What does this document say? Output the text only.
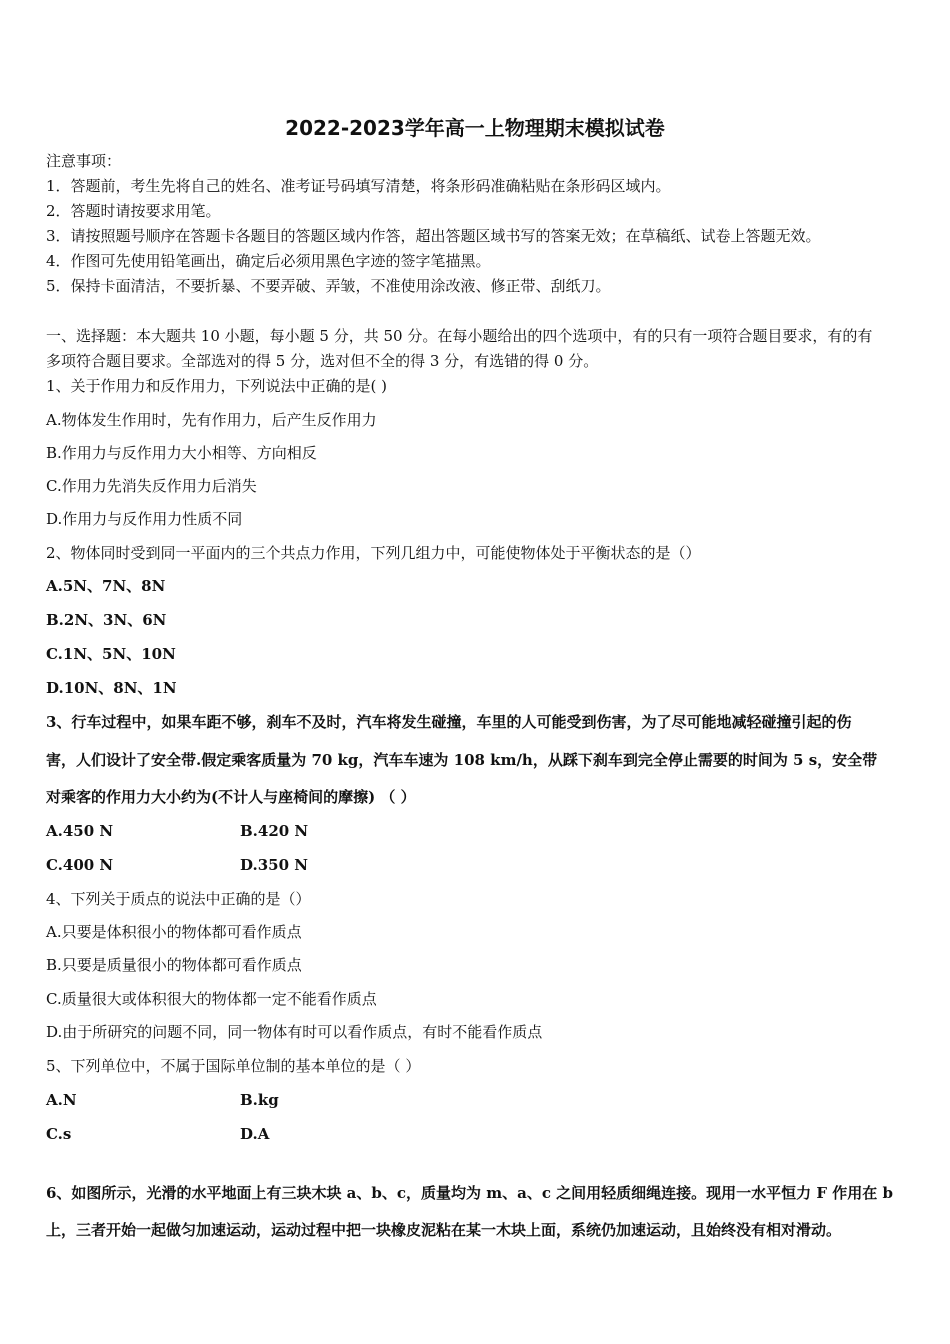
2022-2023学年高一上物理期末模拟试卷
注意事项：
1．答题前，考生先将自己的姓名、准考证号码填写清楚，将条形码准确粘贴在条形码区域内。
2．答题时请按要求用笔。
3．请按照题号顺序在答题卡各题目的答题区域内作答，超出答题区域书写的答案无效；在草稿纸、试卷上答题无效。
4．作图可先使用铅笔画出，确定后必须用黑色字迹的签字笔描黑。
5．保持卡面清洁，不要折暴、不要弄破、弄皱，不准使用涂改液、修正带、刮纸刀。
一、选择题：本大题共 10 小题，每小题 5 分，共 50 分。在每小题给出的四个选项中，有的只有一项符合题目要求，有的有
多项符合题目要求。全部选对的得 5 分，选对但不全的得 3 分，有选错的得 0 分。
1、关于作用力和反作用力，下列说法中正确的是( )
A.物体发生作用时，先有作用力，后产生反作用力
B.作用力与反作用力大小相等、方向相反
C.作用力先消失反作用力后消失
D.作用力与反作用力性质不同
2、物体同时受到同一平面内的三个共点力作用，下列几组力中，可能使物体处于平衡状态的是（）
A.5N、7N、8N
B.2N、3N、6N
C.1N、5N、10N
D.10N、8N、1N
3、行车过程中，如果车距不够，刹车不及时，汽车将发生碰撞，车里的人可能受到伤害，为了尽可能地减轻碰撞引起的伤
害，人们设计了安全带.假定乘客质量为 70 kg，汽车车速为 108 km/h，从踩下刹车到完全停止需要的时间为 5 s，安全带
对乘客的作用力大小约为(不计人与座椅间的摩擦) （ ）
A.450 N	B.420 N
C.400 N	D.350 N
4、下列关于质点的说法中正确的是（）
A.只要是体积很小的物体都可看作质点
B.只要是质量很小的物体都可看作质点
C.质量很大或体积很大的物体都一定不能看作质点
D.由于所研究的问题不同，同一物体有时可以看作质点，有时不能看作质点
5、下列单位中，不属于国际单位制的基本单位的是（ ）
A.N	B.kg
C.s	D.A
6、如图所示，光滑的水平地面上有三块木块 a、b、c，质量均为 m、a、c 之间用轻质细绳连接。现用一水平恒力 F 作用在 b
上，三者开始一起做匀加速运动，运动过程中把一块橡皮泥粘在某一木块上面，系统仍加速运动，且始终没有相对滑动。
